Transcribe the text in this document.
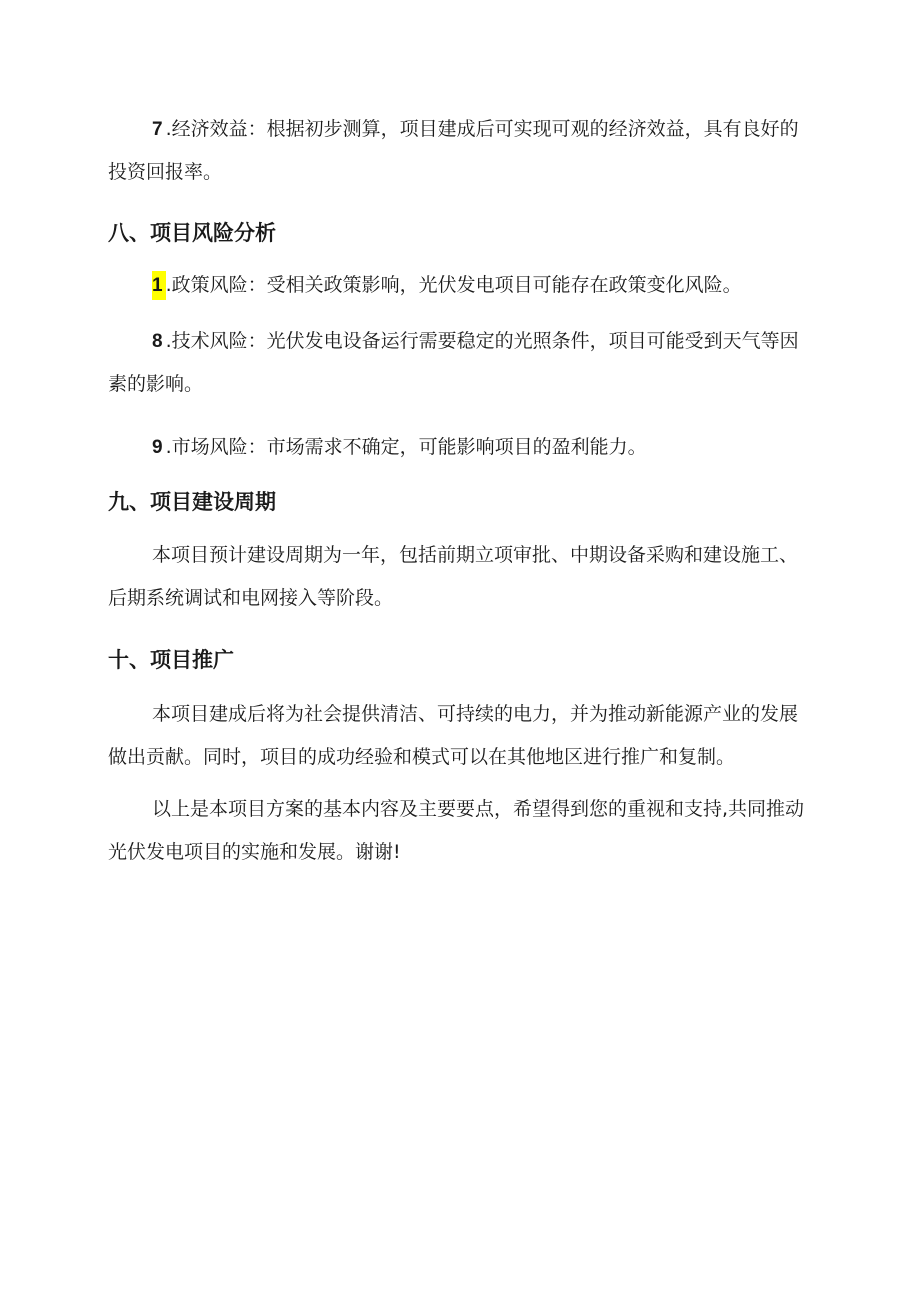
7.经济效益：根据初步测算，项目建成后可实现可观的经济效益，具有良好的投资回报率。

八、项目风险分析

1.政策风险：受相关政策影响，光伏发电项目可能存在政策变化风险。

8.技术风险：光伏发电设备运行需要稳定的光照条件，项目可能受到天气等因素的影响。

9.市场风险：市场需求不确定，可能影响项目的盈利能力。

九、项目建设周期

本项目预计建设周期为一年，包括前期立项审批、中期设备采购和建设施工、后期系统调试和电网接入等阶段。

十、项目推广

本项目建成后将为社会提供清洁、可持续的电力，并为推动新能源产业的发展做出贡献。同时，项目的成功经验和模式可以在其他地区进行推广和复制。

以上是本项目方案的基本内容及主要要点，希望得到您的重视和支持,共同推动光伏发电项目的实施和发展。谢谢!
